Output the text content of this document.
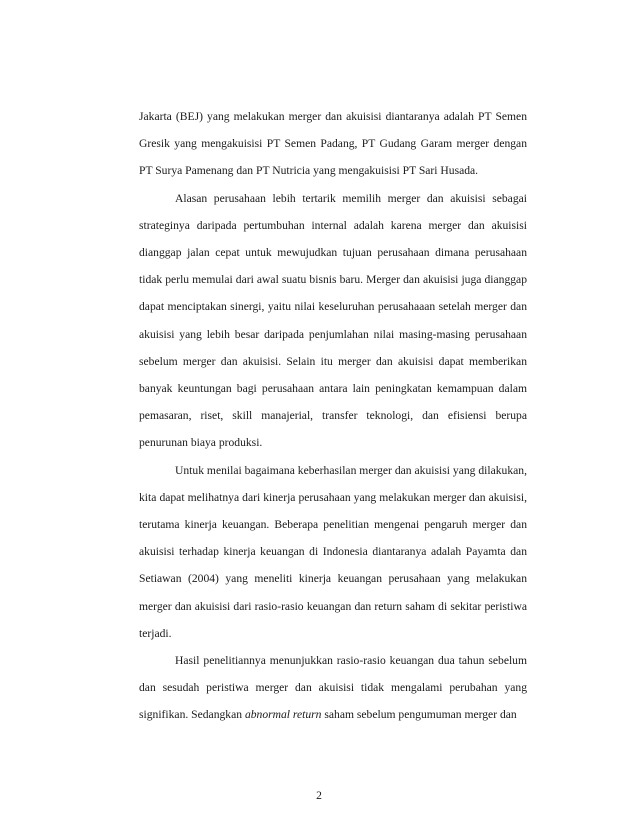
Jakarta (BEJ) yang melakukan merger dan akuisisi diantaranya adalah PT Semen Gresik yang mengakuisisi PT Semen Padang, PT Gudang Garam merger dengan PT Surya Pamenang dan PT Nutricia yang mengakuisisi PT Sari Husada.

Alasan perusahaan lebih tertarik memilih merger dan akuisisi sebagai strateginya daripada pertumbuhan internal adalah karena merger dan akuisisi dianggap jalan cepat untuk mewujudkan tujuan perusahaan dimana perusahaan tidak perlu memulai dari awal suatu bisnis baru. Merger dan akuisisi juga dianggap dapat menciptakan sinergi, yaitu nilai keseluruhan perusahaaan setelah merger dan akuisisi yang lebih besar daripada penjumlahan nilai masing-masing perusahaan sebelum merger dan akuisisi. Selain itu merger dan akuisisi dapat memberikan banyak keuntungan bagi perusahaan antara lain peningkatan kemampuan dalam pemasaran, riset, skill manajerial, transfer teknologi, dan efisiensi berupa penurunan biaya produksi.

Untuk menilai bagaimana keberhasilan merger dan akuisisi yang dilakukan, kita dapat melihatnya dari kinerja perusahaan yang melakukan merger dan akuisisi, terutama kinerja keuangan. Beberapa penelitian mengenai pengaruh merger dan akuisisi terhadap kinerja keuangan di Indonesia diantaranya adalah Payamta dan Setiawan (2004) yang meneliti kinerja keuangan perusahaan yang melakukan merger dan akuisisi dari rasio-rasio keuangan dan return saham di sekitar peristiwa terjadi.

Hasil penelitiannya menunjukkan rasio-rasio keuangan dua tahun sebelum dan sesudah peristiwa merger dan akuisisi tidak mengalami perubahan yang signifikan. Sedangkan abnormal return saham sebelum pengumuman merger dan

2
